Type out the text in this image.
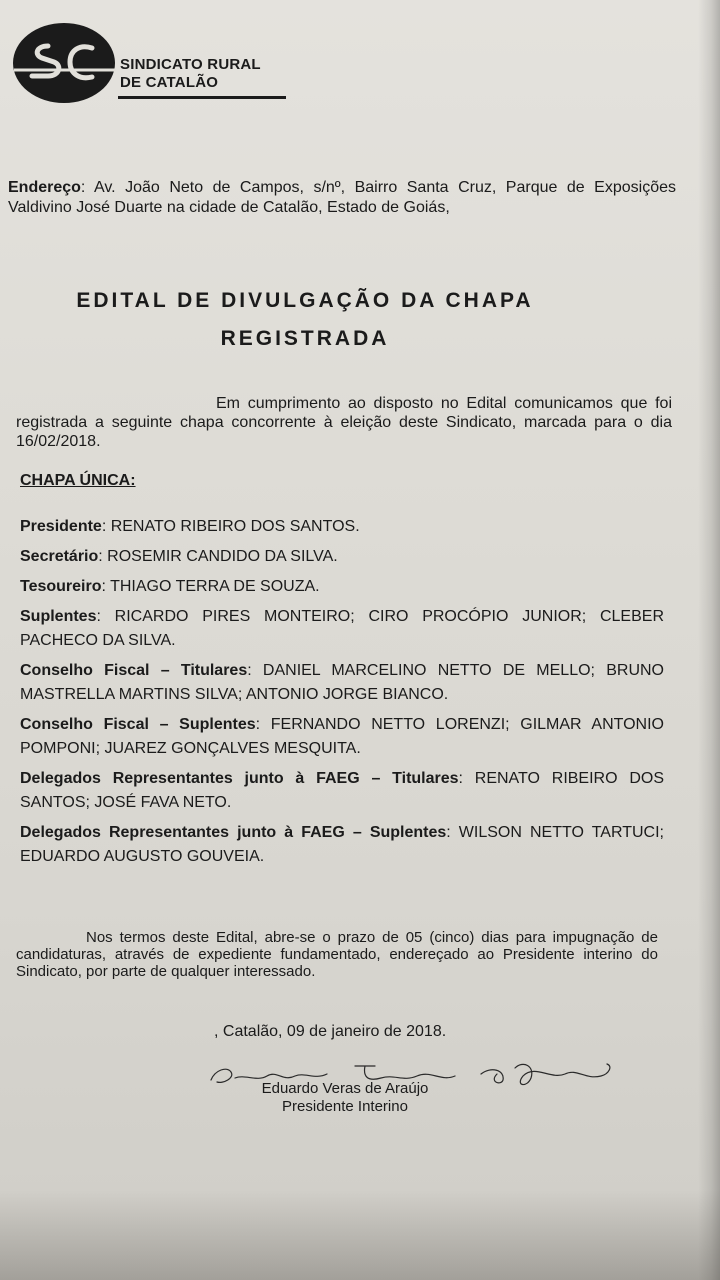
SINDICATO RURAL
DE CATALÃO
Endereço: Av. João Neto de Campos, s/nº, Bairro Santa Cruz, Parque de Exposições Valdivino José Duarte na cidade de Catalão, Estado de Goiás,
EDITAL DE DIVULGAÇÃO DA CHAPA
REGISTRADA
Em cumprimento ao disposto no Edital comunicamos que foi registrada a seguinte chapa concorrente à eleição deste Sindicato, marcada para o dia 16/02/2018.
CHAPA ÚNICA:

Presidente: RENATO RIBEIRO DOS SANTOS.

Secretário: ROSEMIR CANDIDO DA SILVA.

Tesoureiro: THIAGO TERRA DE SOUZA.

Suplentes: RICARDO PIRES MONTEIRO; CIRO PROCÓPIO JUNIOR; CLEBER PACHECO DA SILVA.

Conselho Fiscal – Titulares: DANIEL MARCELINO NETTO DE MELLO; BRUNO MASTRELLA MARTINS SILVA; ANTONIO JORGE BIANCO.

Conselho Fiscal – Suplentes: FERNANDO NETTO LORENZI; GILMAR ANTONIO POMPONI; JUAREZ GONÇALVES MESQUITA.

Delegados Representantes junto à FAEG – Titulares: RENATO RIBEIRO DOS SANTOS; JOSÉ FAVA NETO.

Delegados Representantes junto à FAEG – Suplentes: WILSON NETTO TARTUCI; EDUARDO AUGUSTO GOUVEIA.

Nos termos deste Edital, abre-se o prazo de 05 (cinco) dias para impugnação de candidaturas, através de expediente fundamentado, endereçado ao Presidente interino do Sindicato, por parte de qualquer interessado.
, Catalão, 09 de janeiro de 2018.
Eduardo Veras de Araújo
Presidente Interino
